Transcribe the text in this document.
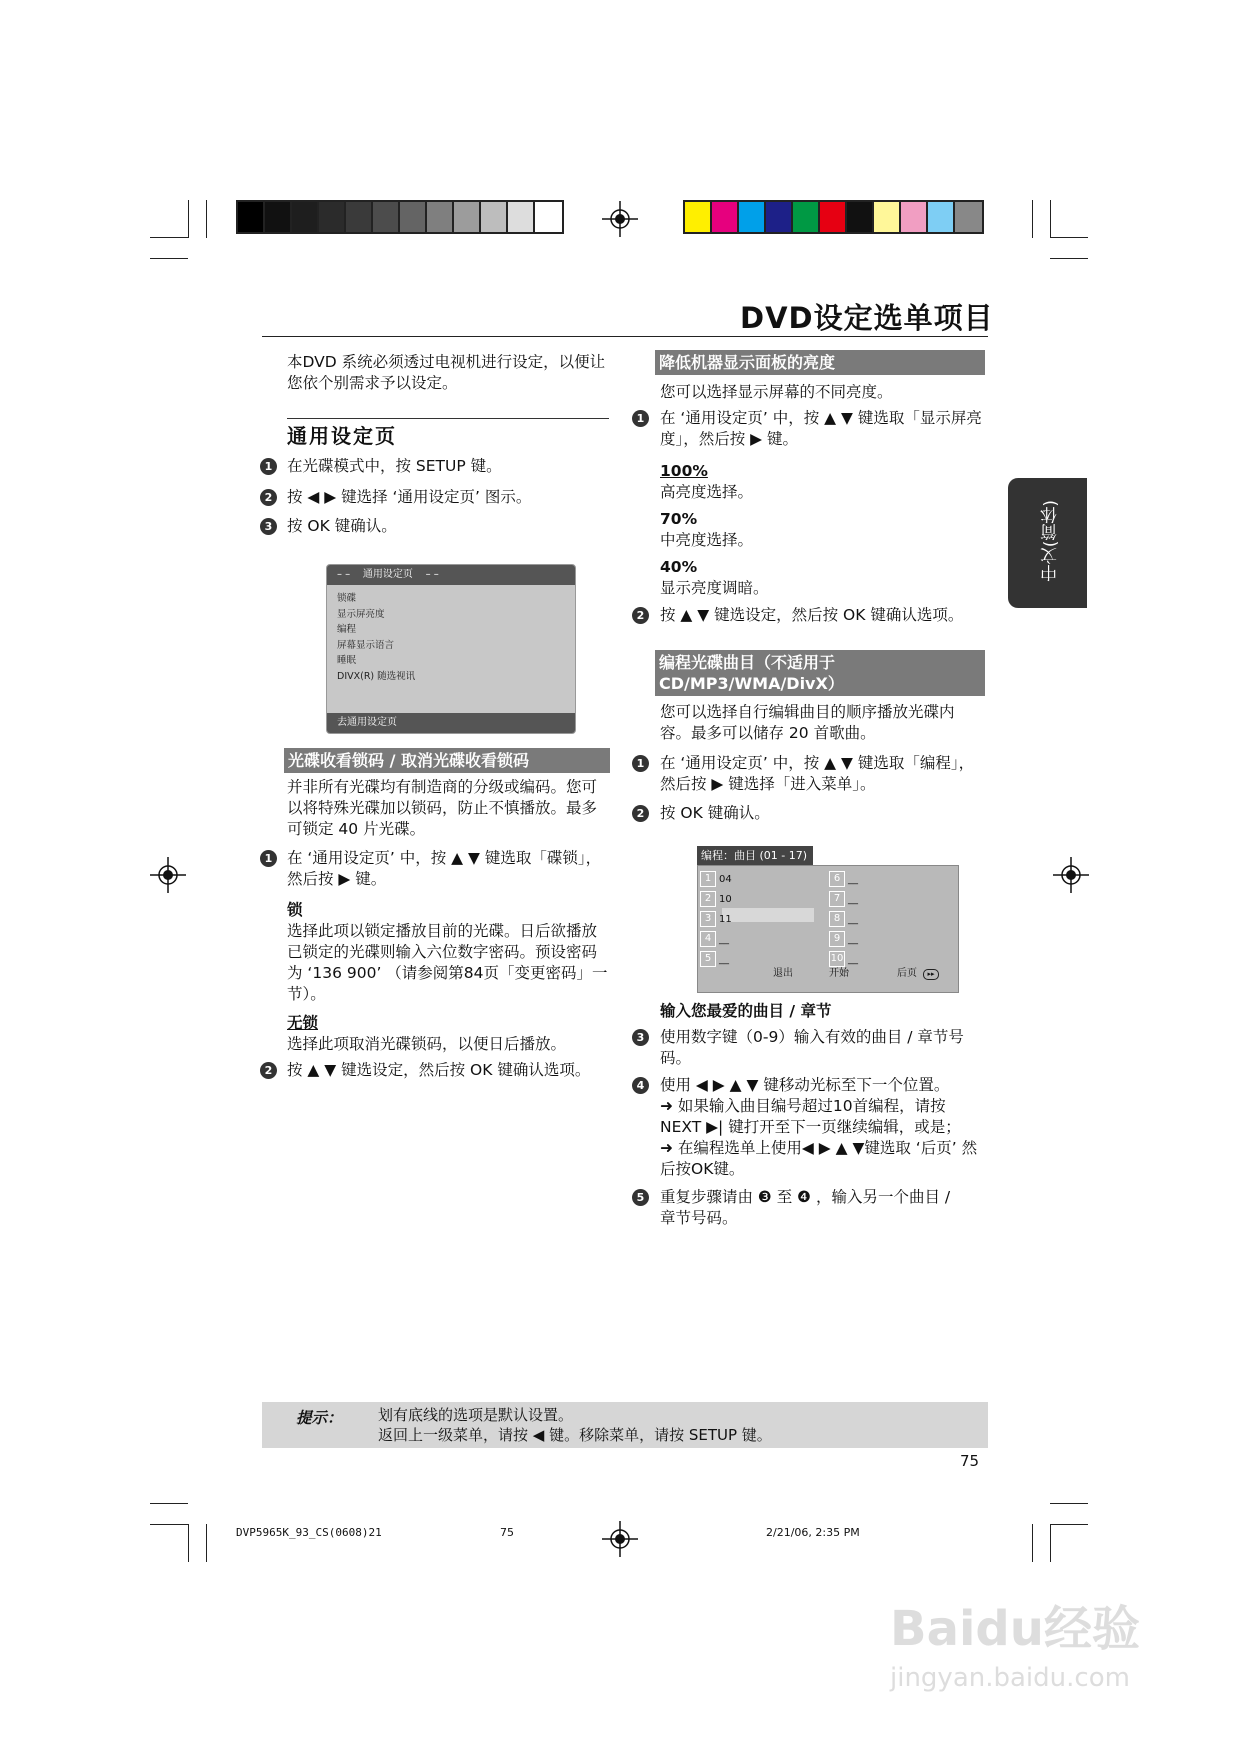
DVD设定选单项目
中文(简体)
本DVD 系统必须透过电视机进行设定，以便让您依个别需求予以设定。
通用设定页
1 在光碟模式中，按 SETUP 键。
2 按 ◀ ▶ 键选择 ‘通用设定页’ 图示。
3 按 OK 键确认。
– –    通用设定页    – –
锁碟
显示屏亮度
编程
屏幕显示语言
睡眠
DIVX(R) 随选视讯
去通用设定页
光碟收看锁码 / 取消光碟收看锁码
并非所有光碟均有制造商的分级或编码。您可以将特殊光碟加以锁码，防止不慎播放。最多可锁定 40 片光碟。
1 在 ‘通用设定页’ 中，按 ▲ ▼ 键选取「碟锁」，然后按 ▶ 键。
锁
选择此项以锁定播放目前的光碟。日后欲播放已锁定的光碟则输入六位数字密码。预设密码为 ‘136 900’ （请参阅第84页「变更密码」一节）。
无锁
选择此项取消光碟锁码，以便日后播放。
2 按 ▲ ▼ 键选设定，然后按 OK 键确认选项。
降低机器显示面板的亮度
您可以选择显示屏幕的不同亮度。
1	在 ‘通用设定页’ 中，按 ▲ ▼ 键选取「显示屏亮度」，然后按 ▶ 键。
100%
高亮度选择。
70%
中亮度选择。
40%
显示亮度调暗。
2	按 ▲ ▼ 键选设定，然后按 OK 键确认选项。
编程光碟曲目（不适用于 CD/MP3/WMA/DivX）
您可以选择自行编辑曲目的顺序播放光碟内容。最多可以储存 20 首歌曲。
1	在 ‘通用设定页’ 中，按 ▲ ▼ 键选取「编程」，然后按 ▶ 键选择「进入菜单」。
2	按 OK 键确认。
编程：曲目 (01 - 17)
1 04
2 10
3 11
4 __
5 __
6 __
7 __
8 __
9 __
10 __
退出	开始	后页	▸▸
输入您最爱的曲目 / 章节
3	使用数字键（0-9）输入有效的曲目 / 章节号码。
4	使用 ◀ ▶ ▲ ▼ 键移动光标至下一个位置。
➜ 如果输入曲目编号超过10首编程，请按 NEXT ▶| 键打开至下一页继续编辑，或是；
➜ 在编程选单上使用◀ ▶ ▲ ▼键选取 ‘后页’ 然后按OK键。
5	重复步骤请由 ❸ 至 ❹ ，输入另一个曲目 / 章节号码。
提示： 划有底线的选项是默认设置。
返回上一级菜单，请按 ◀ 键。移除菜单，请按 SETUP 键。
75
DVP5965K_93_CS(0608)21	75	2/21/06, 2:35 PM
Baidu经验
jingyan.baidu.com
